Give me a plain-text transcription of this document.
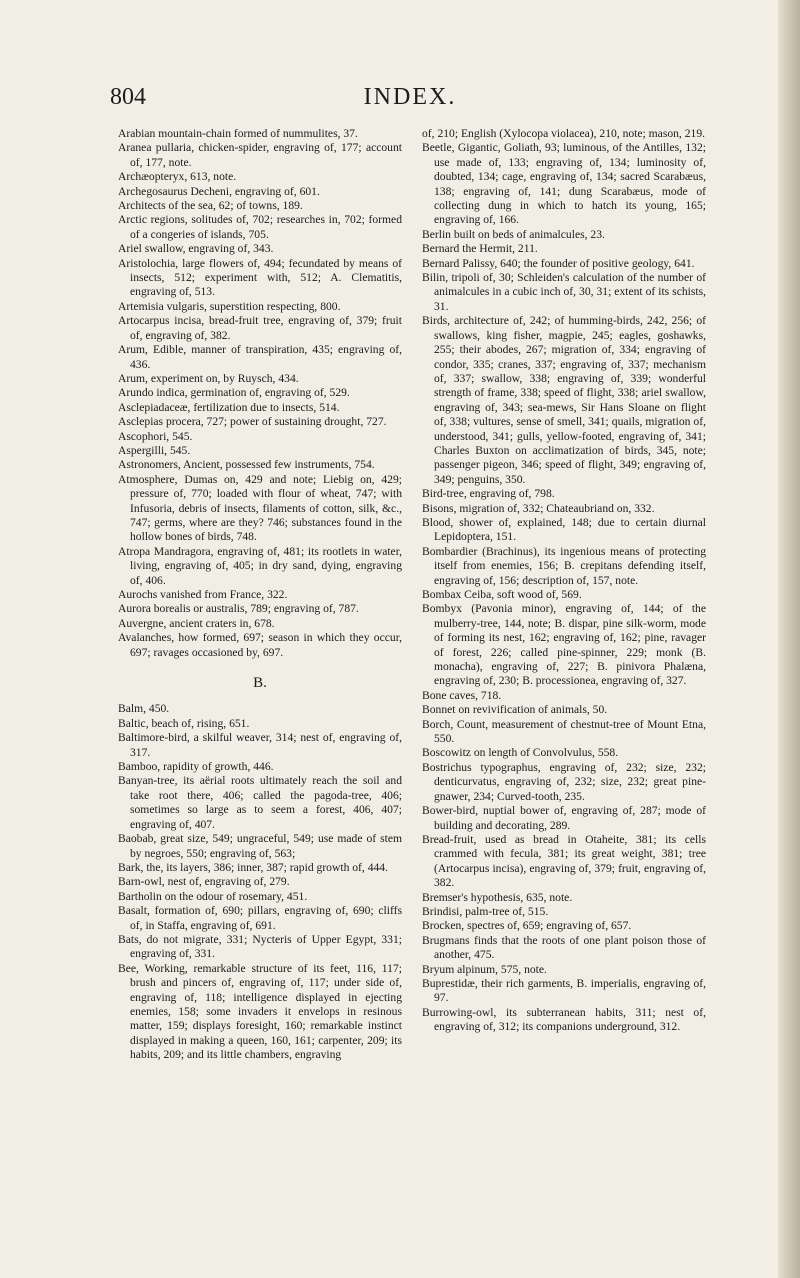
804	INDEX.

Arabian mountain-chain formed of nummulites, 37.

Aranea pullaria, chicken-spider, engraving of, 177; account of, 177, note.

Archæopteryx, 613, note.

Archegosaurus Decheni, engraving of, 601.

Architects of the sea, 62; of towns, 189.

Arctic regions, solitudes of, 702; researches in, 702; formed of a congeries of islands, 705.

Ariel swallow, engraving of, 343.

Aristolochia, large flowers of, 494; fecundated by means of insects, 512; experiment with, 512; A. Clematitis, engraving of, 513.

Artemisia vulgaris, superstition respecting, 800.

Artocarpus incisa, bread-fruit tree, engraving of, 379; fruit of, engraving of, 382.

Arum, Edible, manner of transpiration, 435; engraving of, 436.

Arum, experiment on, by Ruysch, 434.

Arundo indica, germination of, engraving of, 529.

Asclepiadaceæ, fertilization due to insects, 514.

Asclepias procera, 727; power of sustaining drought, 727.

Ascophori, 545.

Aspergilli, 545.

Astronomers, Ancient, possessed few instruments, 754.

Atmosphere, Dumas on, 429 and note; Liebig on, 429; pressure of, 770; loaded with flour of wheat, 747; with Infusoria, debris of insects, filaments of cotton, silk, &c., 747; germs, where are they? 746; substances found in the hollow bones of birds, 748.

Atropa Mandragora, engraving of, 481; its rootlets in water, living, engraving of, 405; in dry sand, dying, engraving of, 406.

Aurochs vanished from France, 322.

Aurora borealis or australis, 789; engraving of, 787.

Auvergne, ancient craters in, 678.

Avalanches, how formed, 697; season in which they occur, 697; ravages occasioned by, 697.

B.

Balm, 450.

Baltic, beach of, rising, 651.

Baltimore-bird, a skilful weaver, 314; nest of, engraving of, 317.

Bamboo, rapidity of growth, 446.

Banyan-tree, its aërial roots ultimately reach the soil and take root there, 406; called the pagoda-tree, 406; sometimes so large as to seem a forest, 406, 407; engraving of, 407.

Baobab, great size, 549; ungraceful, 549; use made of stem by negroes, 550; engraving of, 563;

Bark, the, its layers, 386; inner, 387; rapid growth of, 444.

Barn-owl, nest of, engraving of, 279.

Bartholin on the odour of rosemary, 451.

Basalt, formation of, 690; pillars, engraving of, 690; cliffs of, in Staffa, engraving of, 691.

Bats, do not migrate, 331; Nycteris of Upper Egypt, 331; engraving of, 331.

Bee, Working, remarkable structure of its feet, 116, 117; brush and pincers of, engraving of, 117; under side of, engraving of, 118; intelligence displayed in ejecting enemies, 158; some invaders it envelops in resinous matter, 159; displays foresight, 160; remarkable instinct displayed in making a queen, 160, 161; carpenter, 209; its habits, 209; and its little chambers, engraving

of, 210; English (Xylocopa violacea), 210, note; mason, 219.

Beetle, Gigantic, Goliath, 93; luminous, of the Antilles, 132; use made of, 133; engraving of, 134; luminosity of, doubted, 134; cage, engraving of, 134; sacred Scarabæus, 138; engraving of, 141; dung Scarabæus, mode of collecting dung in which to hatch its young, 165; engraving of, 166.

Berlin built on beds of animalcules, 23.

Bernard the Hermit, 211.

Bernard Palissy, 640; the founder of positive geology, 641.

Bilin, tripoli of, 30; Schleiden's calculation of the number of animalcules in a cubic inch of, 30, 31; extent of its schists, 31.

Birds, architecture of, 242; of humming-birds, 242, 256; of swallows, king fisher, magpie, 245; eagles, goshawks, 255; their abodes, 267; migration of, 334; engraving of condor, 335; cranes, 337; engraving of, 337; mechanism of, 337; swallow, 338; engraving of, 339; wonderful strength of frame, 338; speed of flight, 338; ariel swallow, engraving of, 343; sea-mews, Sir Hans Sloane on flight of, 338; vultures, sense of smell, 341; quails, migration of, understood, 341; gulls, yellow-footed, engraving of, 341; Charles Buxton on acclimatization of birds, 345, note; passenger pigeon, 346; speed of flight, 349; engraving of, 349; penguins, 350.

Bird-tree, engraving of, 798.

Bisons, migration of, 332; Chateaubriand on, 332.

Blood, shower of, explained, 148; due to certain diurnal Lepidoptera, 151.

Bombardier (Brachinus), its ingenious means of protecting itself from enemies, 156; B. crepitans defending itself, engraving of, 156; description of, 157, note.

Bombax Ceiba, soft wood of, 569.

Bombyx (Pavonia minor), engraving of, 144; of the mulberry-tree, 144, note; B. dispar, pine silk-worm, mode of forming its nest, 162; engraving of, 162; pine, ravager of forest, 226; called pine-spinner, 229; monk (B. monacha), engraving of, 227; B. pinivora Phalæna, engraving of, 230; B. processionea, engraving of, 327.

Bone caves, 718.

Bonnet on revivification of animals, 50.

Borch, Count, measurement of chestnut-tree of Mount Etna, 550.

Boscowitz on length of Convolvulus, 558.

Bostrichus typographus, engraving of, 232; size, 232; denticurvatus, engraving of, 232; size, 232; great pine-gnawer, 234; Curved-tooth, 235.

Bower-bird, nuptial bower of, engraving of, 287; mode of building and decorating, 289.

Bread-fruit, used as bread in Otaheite, 381; its cells crammed with fecula, 381; its great weight, 381; tree (Artocarpus incisa), engraving of, 379; fruit, engraving of, 382.

Bremser's hypothesis, 635, note.

Brindisi, palm-tree of, 515.

Brocken, spectres of, 659; engraving of, 657.

Brugmans finds that the roots of one plant poison those of another, 475.

Bryum alpinum, 575, note.

Buprestidæ, their rich garments, B. imperialis, engraving of, 97.

Burrowing-owl, its subterranean habits, 311; nest of, engraving of, 312; its companions underground, 312.
